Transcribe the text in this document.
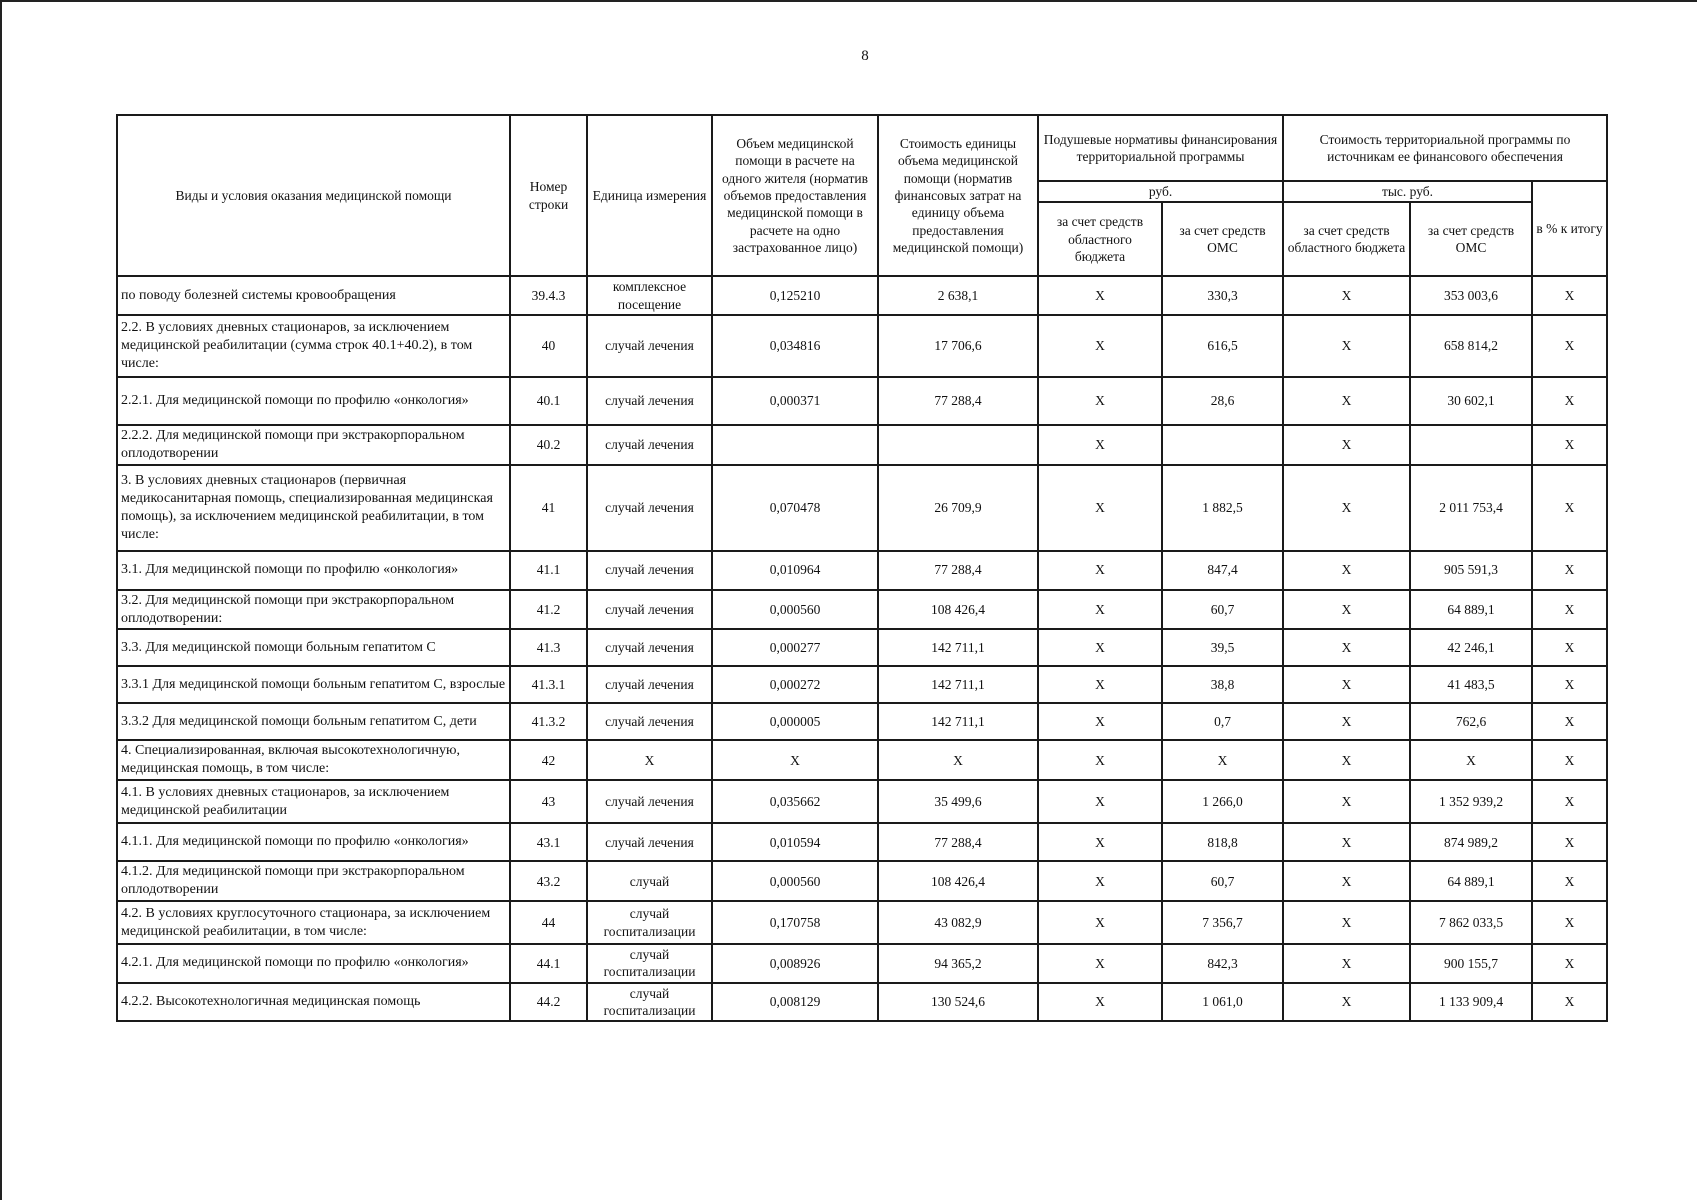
8
Виды и условия оказания медицинской помощи	Номер строки	Единица измерения	Объем медицинской помощи в расчете на одного жителя (норматив объемов предоставления медицинской помощи в расчете на одно застрахованное лицо)	Стоимость единицы объема медицинской помощи (норматив финансовых затрат на единицу объема предоставления медицинской помощи)	Подушевые нормативы финансирования территориальной программы		Стоимость территориальной программы по источникам ее финансового обеспечения		
					руб.		тыс. руб.		в % к итогу
					за счет средств областного бюджета	за счет средств ОМС	за счет средств областного бюджета	за счет средств ОМС	
по поводу болезней системы кровообращения	39.4.3	комплексное посещение	0,125210	2 638,1	X	330,3	X	353 003,6	X
2.2. В условиях дневных стационаров, за исключением медицинской реабилитации (сумма строк 40.1+40.2), в том числе:	40	случай лечения	0,034816	17 706,6	X	616,5	X	658 814,2	X
2.2.1. Для медицинской помощи по профилю «онкология»	40.1	случай лечения	0,000371	77 288,4	X	28,6	X	30 602,1	X
2.2.2. Для медицинской помощи при экстракорпоральном оплодотворении	40.2	случай лечения			X		X		X
3. В условиях дневных стационаров (первичная медикосанитарная помощь, специализированная медицинская помощь), за исключением медицинской реабилитации, в том числе:	41	случай лечения	0,070478	26 709,9	X	1 882,5	X	2 011 753,4	X
3.1. Для медицинской помощи по профилю «онкология»	41.1	случай лечения	0,010964	77 288,4	X	847,4	X	905 591,3	X
3.2. Для медицинской помощи при экстракорпоральном оплодотворении:	41.2	случай лечения	0,000560	108 426,4	X	60,7	X	64 889,1	X
3.3. Для медицинской помощи больным гепатитом С	41.3	случай лечения	0,000277	142 711,1	X	39,5	X	42 246,1	X
3.3.1 Для медицинской помощи больным гепатитом С, взрослые	41.3.1	случай лечения	0,000272	142 711,1	X	38,8	X	41 483,5	X
3.3.2 Для медицинской помощи больным гепатитом С, дети	41.3.2	случай лечения	0,000005	142 711,1	X	0,7	X	762,6	X
4. Специализированная, включая высокотехнологичную, медицинская помощь, в том числе:	42	X	X	X	X	X	X	X	X
4.1. В условиях дневных стационаров, за исключением медицинской реабилитации	43	случай лечения	0,035662	35 499,6	X	1 266,0	X	1 352 939,2	X
4.1.1. Для медицинской помощи по профилю «онкология»	43.1	случай лечения	0,010594	77 288,4	X	818,8	X	874 989,2	X
4.1.2. Для медицинской помощи при экстракорпоральном оплодотворении	43.2	случай	0,000560	108 426,4	X	60,7	X	64 889,1	X
4.2. В условиях круглосуточного стационара, за исключением медицинской реабилитации, в том числе:	44	случай госпитализации	0,170758	43 082,9	X	7 356,7	X	7 862 033,5	X
4.2.1. Для медицинской помощи по профилю «онкология»	44.1	случай госпитализации	0,008926	94 365,2	X	842,3	X	900 155,7	X
4.2.2. Высокотехнологичная медицинская помощь	44.2	случай госпитализации	0,008129	130 524,6	X	1 061,0	X	1 133 909,4	X
